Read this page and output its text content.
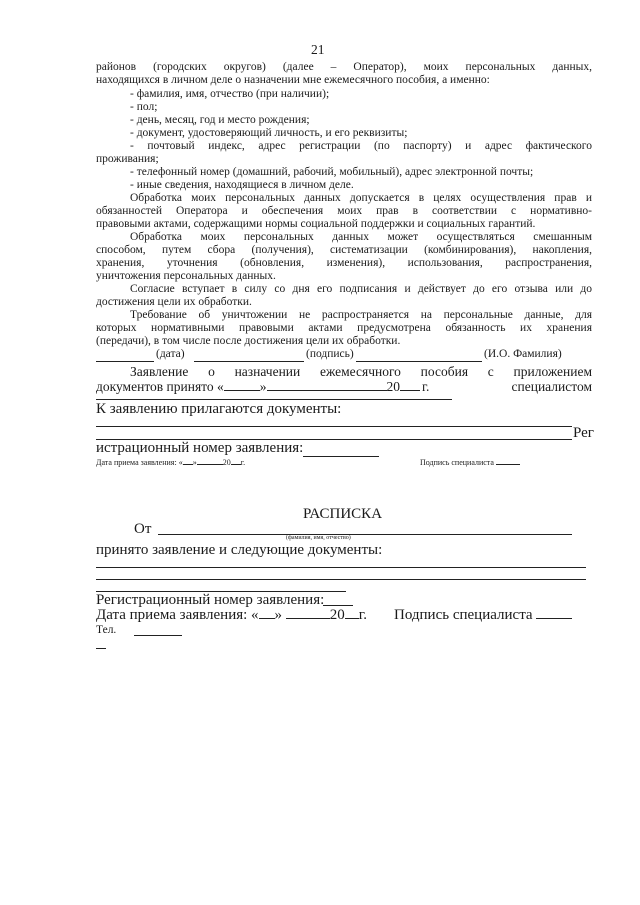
21
районов (городских округов) (далее – Оператор), моих персональных данных,
находящихся в личном деле о назначении мне ежемесячного пособия, а именно:
- фамилия, имя, отчество (при наличии);
- пол;
- день, месяц, год и место рождения;
- документ, удостоверяющий личность, и его реквизиты;
- почтовый индекс, адрес регистрации (по паспорту) и адрес фактического
проживания;
- телефонный номер (домашний, рабочий, мобильный), адрес электронной почты;
- иные сведения, находящиеся в личном деле.
Обработка моих персональных данных допускается в целях осуществления прав и
обязанностей Оператора и обеспечения моих прав в соответствии с нормативно-
правовыми актами, содержащими нормы социальной поддержки и социальных гарантий.
Обработка моих персональных данных может осуществляться смешанным
способом, путем сбора (получения), систематизации (комбинирования), накопления,
хранения, уточнения (обновления, изменения), использования, распространения,
уничтожения персональных данных.
Согласие вступает в силу со дня его подписания и действует до его отзыва или до
достижения цели их обработки.
Требование об уничтожении не распространяется на персональные данные, для
которых нормативными правовыми актами предусмотрена обязанность их хранения
(передачи), в том числе после достижения цели их обработки.
(дата)	(подпись)	(И.О. Фамилия)
Заявление о назначении ежемесячного пособия с приложением
документов принято «	»	20 г.	специалистом
К заявлению прилагаются документы:
Рег
истрационный номер заявления:
Дата приема заявления: « »	20 г.	Подпись специалиста
РАСПИСКА
От
(фамилия, имя, отчество)
принято заявление и следующие документы:
Регистрационный номер заявления:
Дата приема заявления: « »	20 г. Подпись специалиста
Тел.
